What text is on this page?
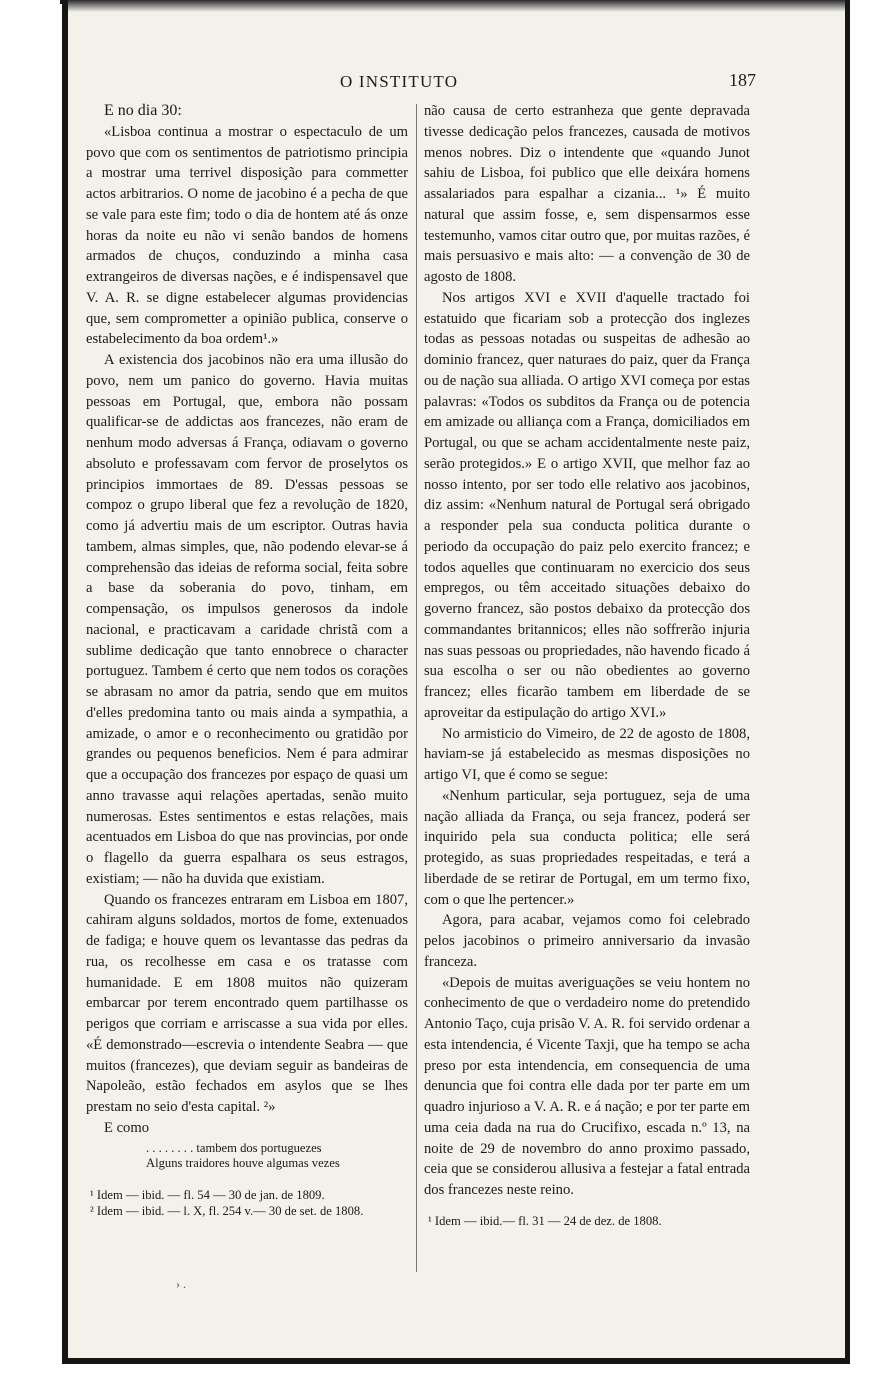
O INSTITUTO	187

E no dia 30:

«Lisboa continua a mostrar o espectaculo de um povo que com os sentimentos de patriotismo principia a mostrar uma terrivel disposição para commetter actos arbitrarios. O nome de jacobino é a pecha de que se vale para este fim; todo o dia de hontem até ás onze horas da noite eu não vi senão bandos de homens armados de chuços, conduzindo a minha casa extrangeiros de diversas nações, e é indispensavel que V. A. R. se digne estabelecer algumas providencias que, sem comprometter a opinião publica, conserve o estabelecimento da boa ordem¹.»

A existencia dos jacobinos não era uma illusão do povo, nem um panico do governo. Havia muitas pessoas em Portugal, que, embora não possam qualificar-se de addictas aos francezes, não eram de nenhum modo adversas á França, odiavam o governo absoluto e professavam com fervor de proselytos os principios immortaes de 89. D'essas pessoas se compoz o grupo liberal que fez a revolução de 1820, como já advertiu mais de um escriptor. Outras havia tambem, almas simples, que, não podendo elevar-se á comprehensão das ideias de reforma social, feita sobre a base da soberania do povo, tinham, em compensação, os impulsos generosos da indole nacional, e practicavam a caridade christã com a sublime dedicação que tanto ennobrece o character portuguez. Tambem é certo que nem todos os corações se abrasam no amor da patria, sendo que em muitos d'elles predomina tanto ou mais ainda a sympathia, a amizade, o amor e o reconhecimento ou gratidão por grandes ou pequenos beneficios. Nem é para admirar que a occupação dos francezes por espaço de quasi um anno travasse aqui relações apertadas, senão muito numerosas. Estes sentimentos e estas relações, mais acentuados em Lisboa do que nas provincias, por onde o flagello da guerra espalhara os seus estragos, existiam; — não ha duvida que existiam.

Quando os francezes entraram em Lisboa em 1807, cahiram alguns soldados, mortos de fome, extenuados de fadiga; e houve quem os levantasse das pedras da rua, os recolhesse em casa e os tratasse com humanidade. E em 1808 muitos não quizeram embarcar por terem encontrado quem partilhasse os perigos que corriam e arriscasse a sua vida por elles. «É demonstrado—escrevia o intendente Seabra — que muitos (francezes), que deviam seguir as bandeiras de Napoleão, estão fechados em asylos que se lhes prestam no seio d'esta capital. ²»

E como

. . . . . . . . tambem dos portuguezes
Alguns traidores houve algumas vezes

¹ Idem — ibid. — fl. 54 — 30 de jan. de 1809.

² Idem — ibid. — l. X, fl. 254 v.— 30 de set. de 1808.

não causa de certo estranheza que gente depravada tivesse dedicação pelos francezes, causada de motivos menos nobres. Diz o intendente que «quando Junot sahiu de Lisboa, foi publico que elle deixára homens assalariados para espalhar a cizania... ¹» É muito natural que assim fosse, e, sem dispensarmos esse testemunho, vamos citar outro que, por muitas razões, é mais persuasivo e mais alto: — a convenção de 30 de agosto de 1808.

Nos artigos XVI e XVII d'aquelle tractado foi estatuido que ficariam sob a protecção dos inglezes todas as pessoas notadas ou suspeitas de adhesão ao dominio francez, quer naturaes do paiz, quer da França ou de nação sua alliada. O artigo XVI começa por estas palavras: «Todos os subditos da França ou de potencia em amizade ou alliança com a França, domiciliados em Portugal, ou que se acham accidentalmente neste paiz, serão protegidos.» E o artigo XVII, que melhor faz ao nosso intento, por ser todo elle relativo aos jacobinos, diz assim: «Nenhum natural de Portugal será obrigado a responder pela sua conducta politica durante o periodo da occupação do paiz pelo exercito francez; e todos aquelles que continuaram no exercicio dos seus empregos, ou têm acceitado situações debaixo do governo francez, são postos debaixo da protecção dos commandantes britannicos; elles não soffrerão injuria nas suas pessoas ou propriedades, não havendo ficado á sua escolha o ser ou não obedientes ao governo francez; elles ficarão tambem em liberdade de se aproveitar da estipulação do artigo XVI.»

No armisticio do Vimeiro, de 22 de agosto de 1808, haviam-se já estabelecido as mesmas disposições no artigo VI, que é como se segue:

«Nenhum particular, seja portuguez, seja de uma nação alliada da França, ou seja francez, poderá ser inquirido pela sua conducta politica; elle será protegido, as suas propriedades respeitadas, e terá a liberdade de se retirar de Portugal, em um termo fixo, com o que lhe pertencer.»

Agora, para acabar, vejamos como foi celebrado pelos jacobinos o primeiro anniversario da invasão franceza.

«Depois de muitas averiguações se veiu hontem no conhecimento de que o verdadeiro nome do pretendido Antonio Taço, cuja prisão V. A. R. foi servido ordenar a esta intendencia, é Vicente Taxji, que ha tempo se acha preso por esta intendencia, em consequencia de uma denuncia que foi contra elle dada por ter parte em um quadro injurioso a V. A. R. e á nação; e por ter parte em uma ceia dada na rua do Crucifixo, escada n.º 13, na noite de 29 de novembro do anno proximo passado, ceia que se considerou allusiva a festejar a fatal entrada dos francezes neste reino.

¹ Idem — ibid.— fl. 31 — 24 de dez. de 1808.

› .
